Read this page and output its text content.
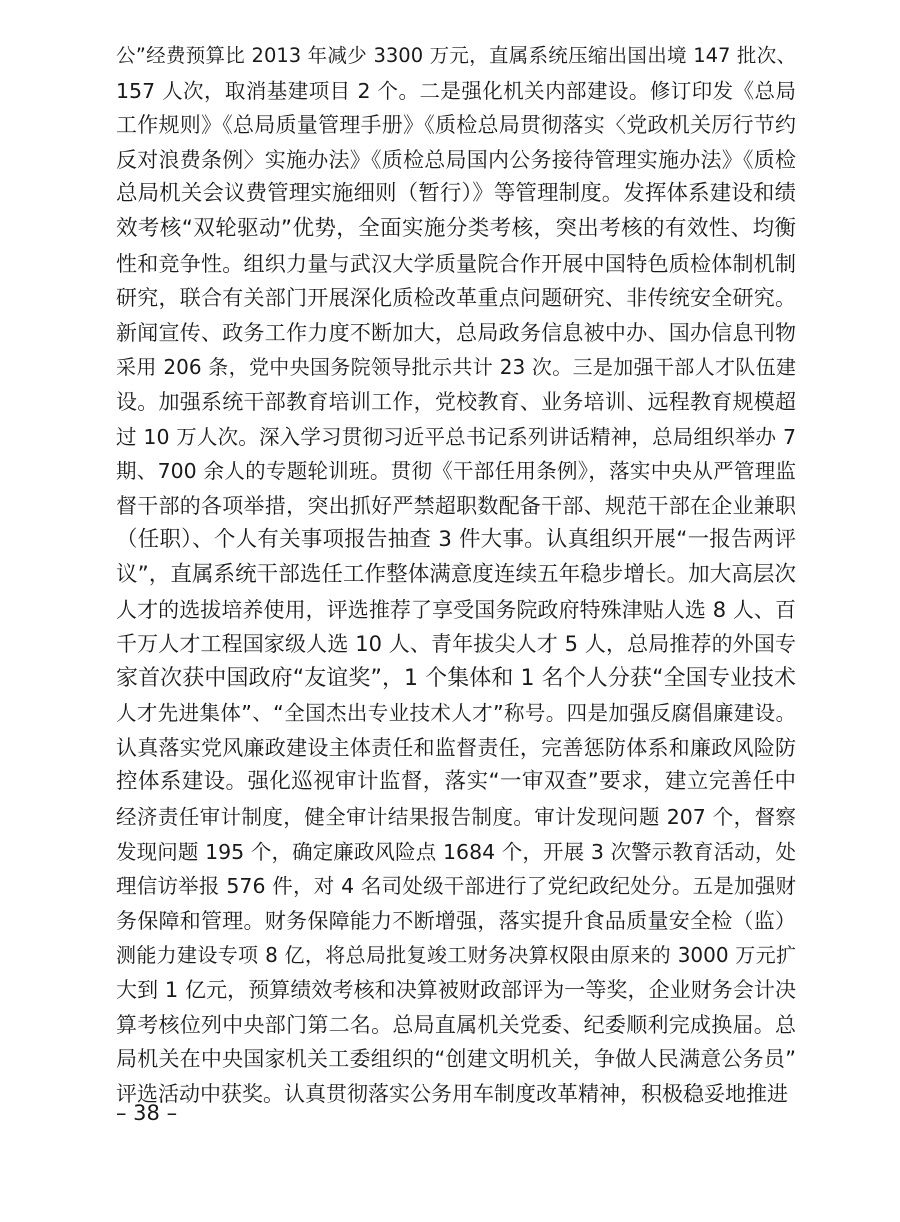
公”经费预算比 2013 年减少 3300 万元，直属系统压缩出国出境 147 批次、
157 人次，取消基建项目 2 个。二是强化机关内部建设。修订印发《总局
工作规则》《总局质量管理手册》《质检总局贯彻落实〈党政机关厉行节约
反对浪费条例〉实施办法》《质检总局国内公务接待管理实施办法》《质检
总局机关会议费管理实施细则（暂行）》等管理制度。发挥体系建设和绩
效考核“双轮驱动”优势，全面实施分类考核，突出考核的有效性、均衡
性和竞争性。组织力量与武汉大学质量院合作开展中国特色质检体制机制
研究，联合有关部门开展深化质检改革重点问题研究、非传统安全研究。
新闻宣传、政务工作力度不断加大，总局政务信息被中办、国办信息刊物
采用 206 条，党中央国务院领导批示共计 23 次。三是加强干部人才队伍建
设。加强系统干部教育培训工作，党校教育、业务培训、远程教育规模超
过 10 万人次。深入学习贯彻习近平总书记系列讲话精神，总局组织举办 7
期、700 余人的专题轮训班。贯彻《干部任用条例》，落实中央从严管理监
督干部的各项举措，突出抓好严禁超职数配备干部、规范干部在企业兼职
（任职）、个人有关事项报告抽查 3 件大事。认真组织开展“一报告两评
议”，直属系统干部选任工作整体满意度连续五年稳步增长。加大高层次
人才的选拔培养使用，评选推荐了享受国务院政府特殊津贴人选 8 人、百
千万人才工程国家级人选 10 人、青年拔尖人才 5 人，总局推荐的外国专
家首次获中国政府“友谊奖”，1 个集体和 1 名个人分获“全国专业技术
人才先进集体”、“全国杰出专业技术人才”称号。四是加强反腐倡廉建设。
认真落实党风廉政建设主体责任和监督责任，完善惩防体系和廉政风险防
控体系建设。强化巡视审计监督，落实“一审双查”要求，建立完善任中
经济责任审计制度，健全审计结果报告制度。审计发现问题 207 个，督察
发现问题 195 个，确定廉政风险点 1684 个，开展 3 次警示教育活动，处
理信访举报 576 件，对 4 名司处级干部进行了党纪政纪处分。五是加强财
务保障和管理。财务保障能力不断增强，落实提升食品质量安全检（监）
测能力建设专项 8 亿，将总局批复竣工财务决算权限由原来的 3000 万元扩
大到 1 亿元，预算绩效考核和决算被财政部评为一等奖，企业财务会计决
算考核位列中央部门第二名。总局直属机关党委、纪委顺利完成换届。总
局机关在中央国家机关工委组织的“创建文明机关，争做人民满意公务员”
评选活动中获奖。认真贯彻落实公务用车制度改革精神，积极稳妥地推进
– 38 –
